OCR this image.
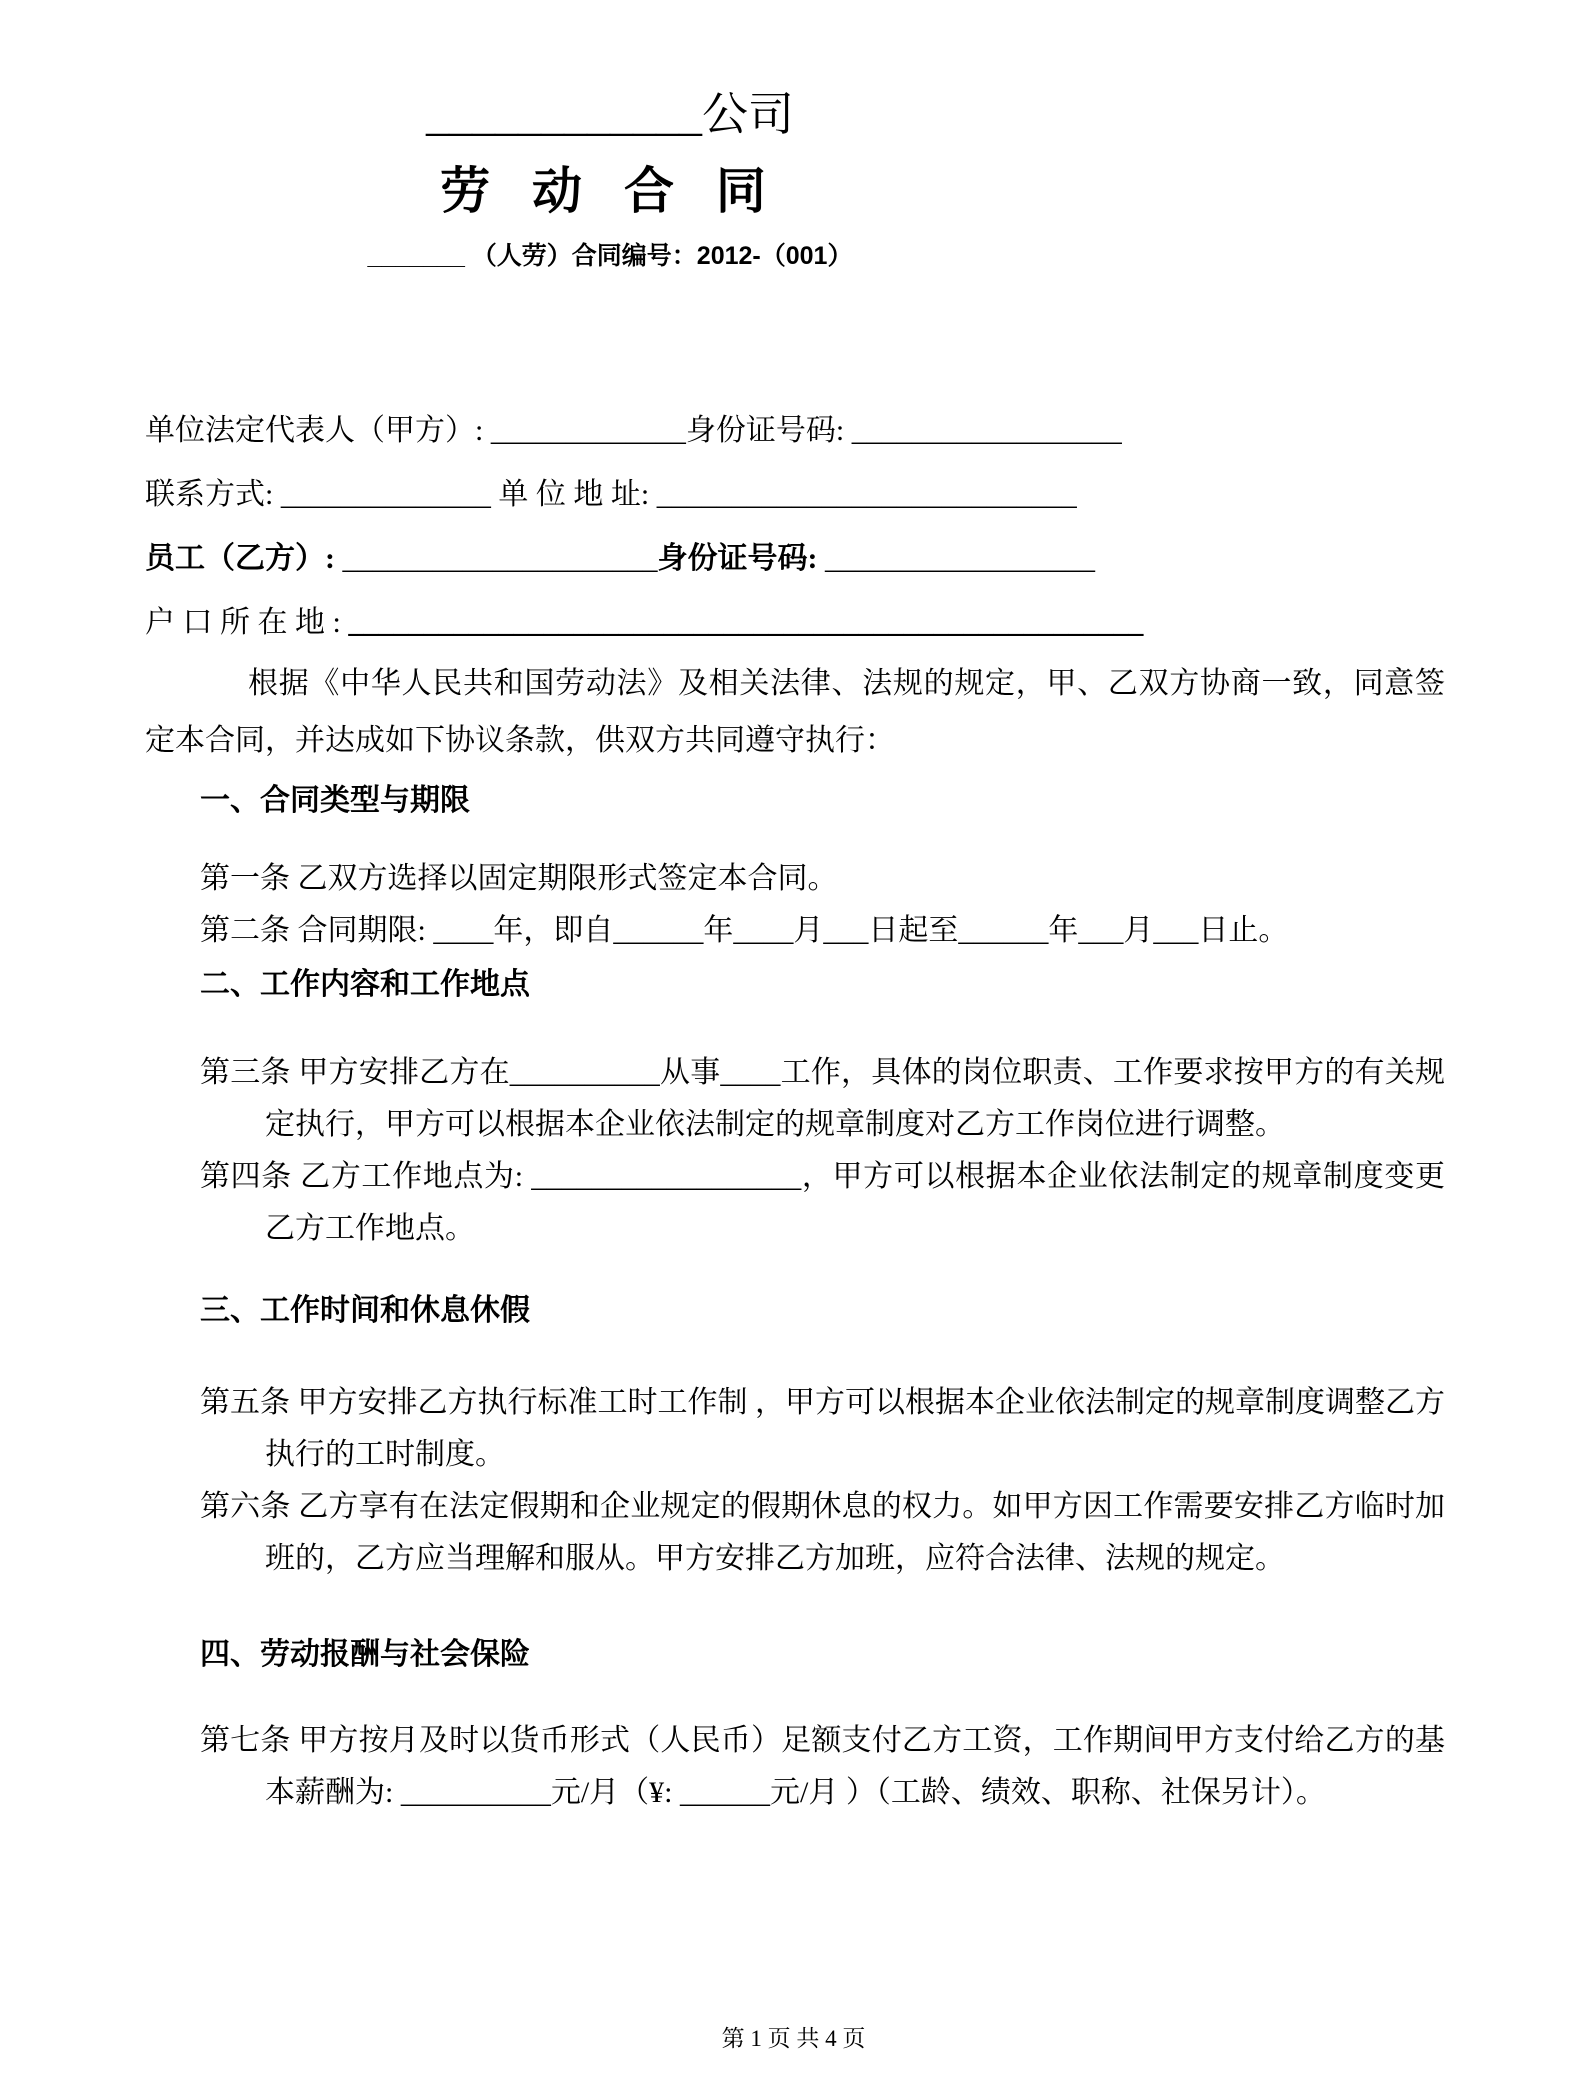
____________公司
劳 动 合 同
_______ （人劳）合同编号：2012-（001）
单位法定代表人（甲方）: _____________身份证号码: __________________
联系方式: ______________ 单 位 地 址: ____________________________
员工（乙方）: _____________________身份证号码: __________________
户 口 所 在 地 : _____________________________________________________

根据《中华人民共和国劳动法》及相关法律、法规的规定，甲、乙双方协商一致，同意签定本合同，并达成如下协议条款，供双方共同遵守执行：

一、合同类型与期限

第一条 乙双方选择以固定期限形式签定本合同。

第二条 合同期限: ____年，即自______年____月___日起至______年___月___日止。

二、工作内容和工作地点

第三条 甲方安排乙方在__________从事____工作，具体的岗位职责、工作要求按甲方的有关规定执行，甲方可以根据本企业依法制定的规章制度对乙方工作岗位进行调整。

第四条 乙方工作地点为: __________________，甲方可以根据本企业依法制定的规章制度变更乙方工作地点。

三、工作时间和休息休假

第五条 甲方安排乙方执行标准工时工作制 ，甲方可以根据本企业依法制定的规章制度调整乙方执行的工时制度。

第六条 乙方享有在法定假期和企业规定的假期休息的权力。如甲方因工作需要安排乙方临时加班的，乙方应当理解和服从。甲方安排乙方加班，应符合法律、法规的规定。

四、劳动报酬与社会保险

第七条 甲方按月及时以货币形式（人民币）足额支付乙方工资，工作期间甲方支付给乙方的基本薪酬为: __________元/月（¥: ______元/月 ）（工龄、绩效、职称、社保另计）。

第 1 页 共 4 页
